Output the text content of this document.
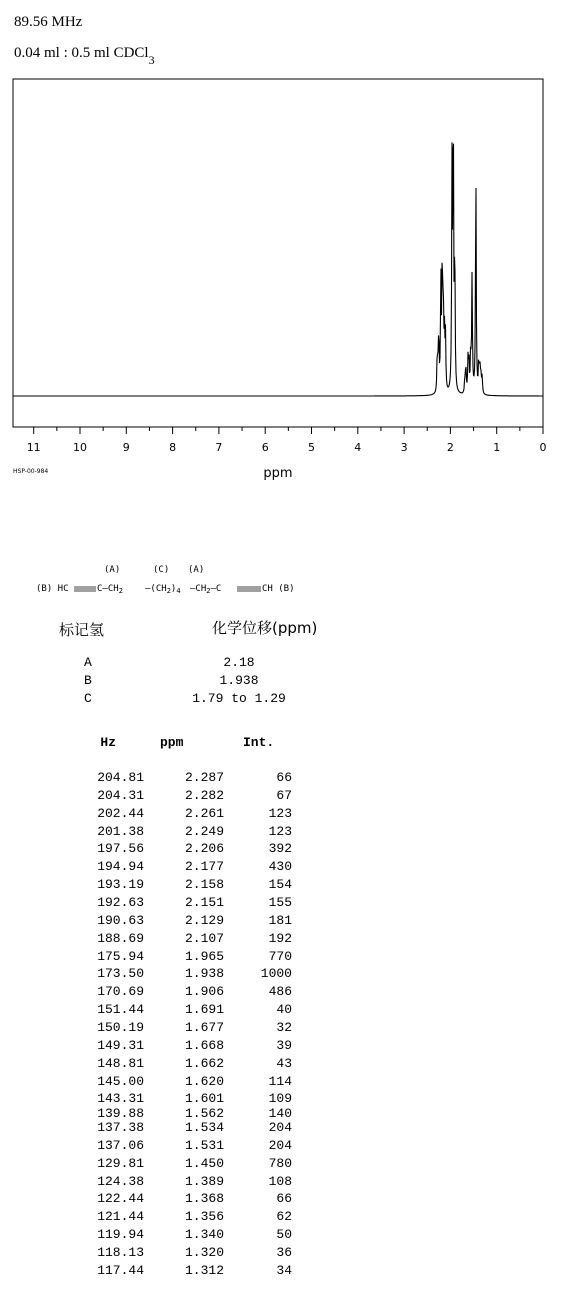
89.56 MHz
0.04 ml : 0.5 ml CDCl$_3$
11	10	9	8	7	6	5	4	3	2	1	0
ppm
HSP-00-984
(A)	(C) (A)
(B) HC	$C—CH_2$ $—(CH_2)_4$ $—CH_2—C$	CH (B)
标记氢	化学位移(ppm)
A	2.18
B	1.938
C	1.79 to 1.29
Hz	ppm	Int.
204.81	2.287	66
204.31	2.282	67
202.44	2.261	123
201.38	2.249	123
197.56	2.206	392
194.94	2.177	430
193.19	2.158	154
192.63	2.151	155
190.63	2.129	181
188.69	2.107	192
175.94	1.965	770
173.50	1.938	1000
170.69	1.906	486
151.44	1.691	40
150.19	1.677	32
149.31	1.668	39
148.81	1.662	43
145.00	1.620	114
143.31	1.601	109
139.88	1.562	140
137.38	1.534	204
137.06	1.531	204
129.81	1.450	780
124.38	1.389	108
122.44	1.368	66
121.44	1.356	62
119.94	1.340	50
118.13	1.320	36
117.44	1.312	34
